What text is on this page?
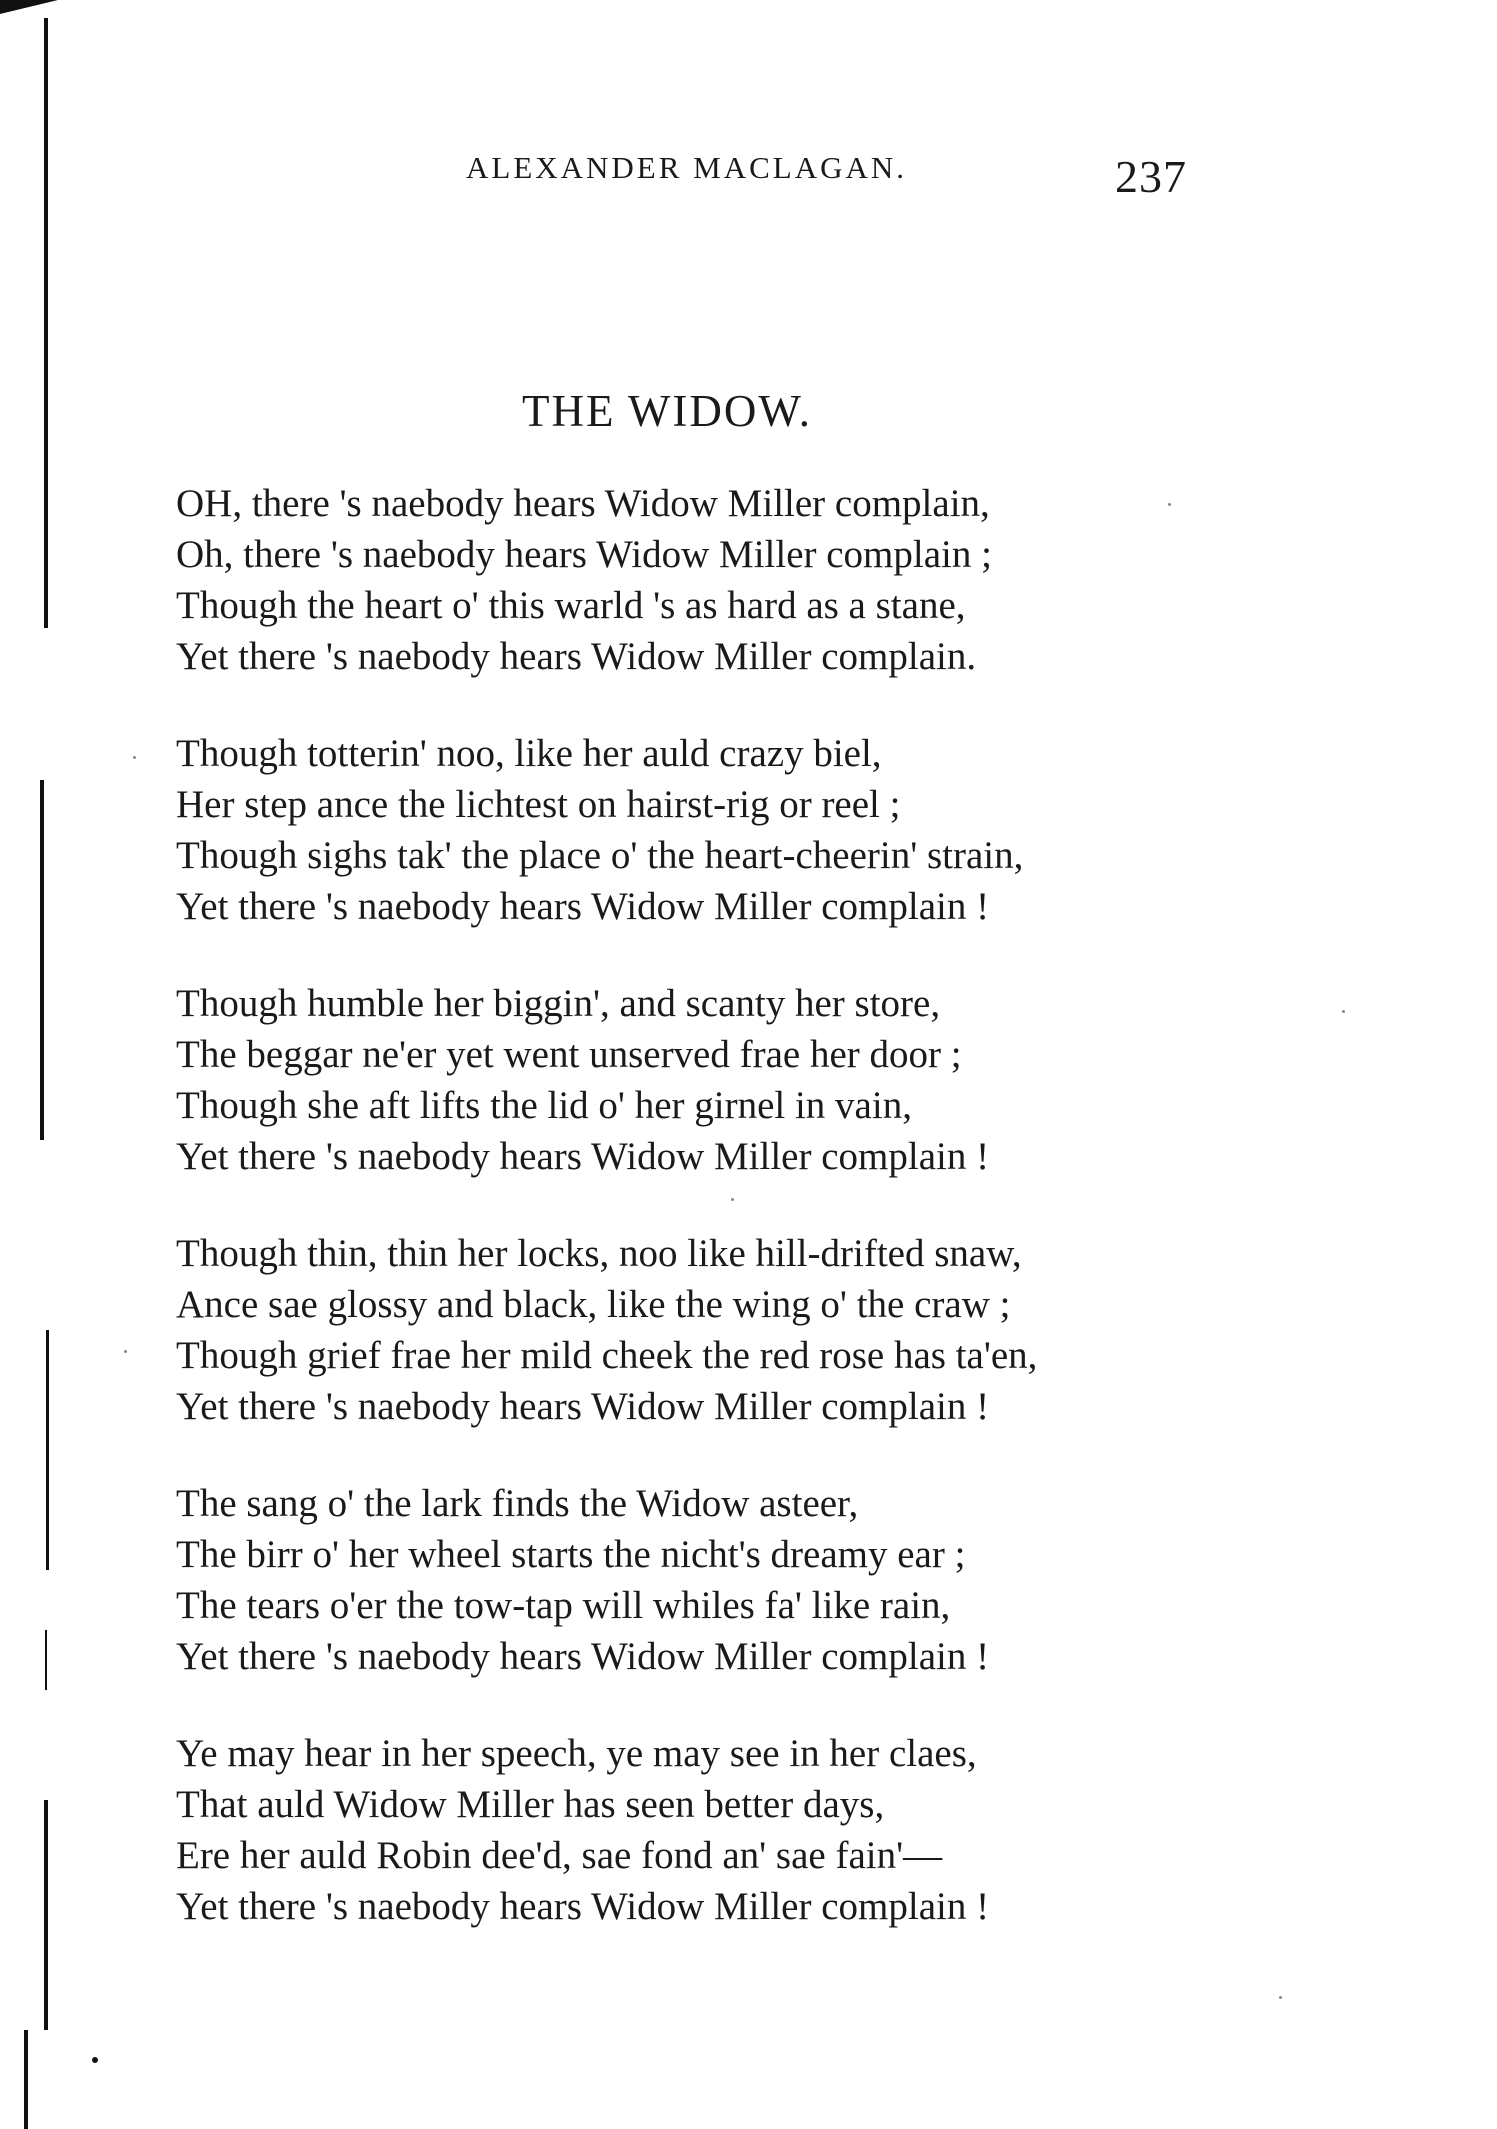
ALEXANDER MACLAGAN.	237
THE WIDOW.
OH, there 's naebody hears Widow Miller complain,
Oh, there 's naebody hears Widow Miller complain ;
Though the heart o' this warld 's as hard as a stane,
Yet there 's naebody hears Widow Miller complain.
Though totterin' noo, like her auld crazy biel,
Her step ance the lichtest on hairst-rig or reel ;
Though sighs tak' the place o' the heart-cheerin' strain,
Yet there 's naebody hears Widow Miller complain !
Though humble her biggin', and scanty her store,
The beggar ne'er yet went unserved frae her door ;
Though she aft lifts the lid o' her girnel in vain,
Yet there 's naebody hears Widow Miller complain !
Though thin, thin her locks, noo like hill-drifted snaw,
Ance sae glossy and black, like the wing o' the craw ;
Though grief frae her mild cheek the red rose has ta'en,
Yet there 's naebody hears Widow Miller complain !
The sang o' the lark finds the Widow asteer,
The birr o' her wheel starts the nicht's dreamy ear ;
The tears o'er the tow-tap will whiles fa' like rain,
Yet there 's naebody hears Widow Miller complain !
Ye may hear in her speech, ye may see in her claes,
That auld Widow Miller has seen better days,
Ere her auld Robin dee'd, sae fond an' sae fain'—
Yet there 's naebody hears Widow Miller complain !
